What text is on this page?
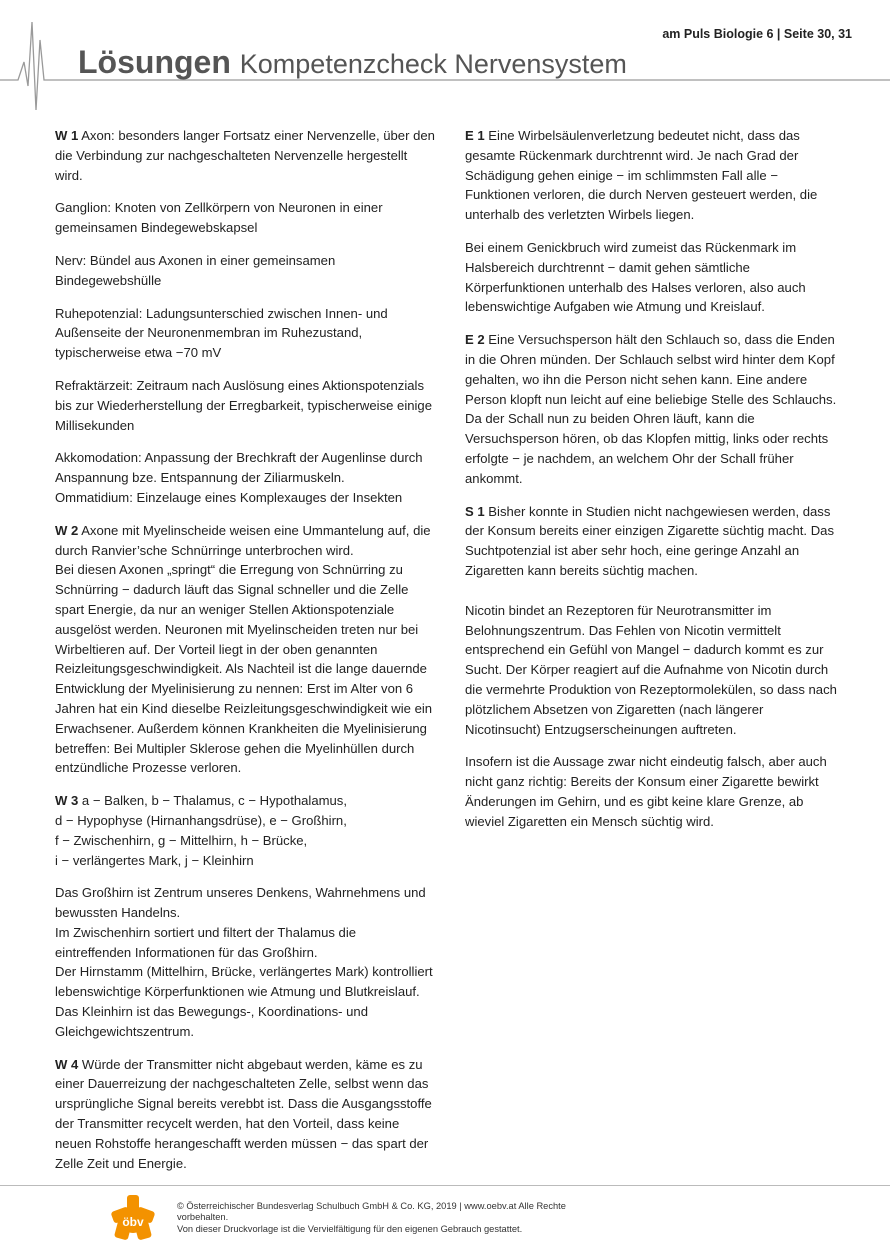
am Puls Biologie 6 | Seite 30, 31
Lösungen Kompetenzcheck Nervensystem

W 1 Axon: besonders langer Fortsatz einer Nervenzelle, über den die Verbindung zur nachgeschalteten Nervenzelle hergestellt wird.

Ganglion: Knoten von Zellkörpern von Neuronen in einer gemeinsamen Bindegewebskapsel

Nerv: Bündel aus Axonen in einer gemeinsamen Bindegewebshülle

Ruhepotenzial: Ladungsunterschied zwischen Innen- und Außenseite der Neuronenmembran im Ruhezustand, typischerweise etwa −70 mV

Refraktärzeit: Zeitraum nach Auslösung eines Aktionspotenzials bis zur Wiederherstellung der Erregbarkeit, typischerweise einige Millisekunden

Akkomodation: Anpassung der Brechkraft der Augenlinse durch Anspannung bze. Entspannung der Ziliarmuskeln.

Ommatidium: Einzelauge eines Komplexauges der Insekten

W 2 Axone mit Myelinscheide weisen eine Ummantelung auf, die durch Ranvier’sche Schnürringe unterbrochen wird.

Bei diesen Axonen „springt“ die Erregung von Schnürring zu Schnürring − dadurch läuft das Signal schneller und die Zelle spart Energie, da nur an weniger Stellen Aktionspotenziale ausgelöst werden. Neuronen mit Myelinscheiden treten nur bei Wirbeltieren auf. Der Vorteil liegt in der oben genannten Reizleitungsgeschwindigkeit. Als Nachteil ist die lange dauernde Entwicklung der Myelinisierung zu nennen: Erst im Alter von 6 Jahren hat ein Kind dieselbe Reizleitungsgeschwindigkeit wie ein Erwachsener. Außerdem können Krankheiten die Myelinisierung betreffen: Bei Multipler Sklerose gehen die Myelinhüllen durch entzündliche Prozesse verloren.

W 3 a − Balken, b − Thalamus, c − Hypothalamus,
d − Hypophyse (Hirnanhangsdrüse), e − Großhirn,
f − Zwischenhirn, g − Mittelhirn, h − Brücke,
i − verlängertes Mark, j − Kleinhirn

Das Großhirn ist Zentrum unseres Denkens, Wahrnehmens und bewussten Handelns.

Im Zwischenhirn sortiert und filtert der Thalamus die eintreffenden Informationen für das Großhirn.

Der Hirnstamm (Mittelhirn, Brücke, verlängertes Mark) kontrolliert lebenswichtige Körperfunktionen wie Atmung und Blutkreislauf.

Das Kleinhirn ist das Bewegungs-, Koordinations- und Gleichgewichtszentrum.

W 4 Würde der Transmitter nicht abgebaut werden, käme es zu einer Dauerreizung der nachgeschalteten Zelle, selbst wenn das ursprüngliche Signal bereits verebbt ist. Dass die Ausgangsstoffe der Transmitter recycelt werden, hat den Vorteil, dass keine neuen Rohstoffe herangeschafft werden müssen − das spart der Zelle Zeit und Energie.

E 1 Eine Wirbelsäulenverletzung bedeutet nicht, dass das gesamte Rückenmark durchtrennt wird. Je nach Grad der Schädigung gehen einige − im schlimmsten Fall alle − Funktionen verloren, die durch Nerven gesteuert werden, die unterhalb des verletzten Wirbels liegen.

Bei einem Genickbruch wird zumeist das Rückenmark im Halsbereich durchtrennt − damit gehen sämtliche Körperfunktionen unterhalb des Halses verloren, also auch lebenswichtige Aufgaben wie Atmung und Kreislauf.

E 2 Eine Versuchsperson hält den Schlauch so, dass die Enden in die Ohren münden. Der Schlauch selbst wird hinter dem Kopf gehalten, wo ihn die Person nicht sehen kann. Eine andere Person klopft nun leicht auf eine beliebige Stelle des Schlauchs. Da der Schall nun zu beiden Ohren läuft, kann die Versuchsperson hören, ob das Klopfen mittig, links oder rechts erfolgte − je nachdem, an welchem Ohr der Schall früher ankommt.

S 1 Bisher konnte in Studien nicht nachgewiesen werden, dass der Konsum bereits einer einzigen Zigarette süchtig macht. Das Suchtpotenzial ist aber sehr hoch, eine geringe Anzahl an Zigaretten kann bereits süchtig machen.

Nicotin bindet an Rezeptoren für Neurotransmitter im Belohnungszentrum. Das Fehlen von Nicotin vermittelt entsprechend ein Gefühl von Mangel − dadurch kommt es zur Sucht. Der Körper reagiert auf die Aufnahme von Nicotin durch die vermehrte Produktion von Rezeptormolekülen, so dass nach plötzlichem Absetzen von Zigaretten (nach längerer Nicotinsucht) Entzugserscheinungen auftreten.

Insofern ist die Aussage zwar nicht eindeutig falsch, aber auch nicht ganz richtig: Bereits der Konsum einer Zigarette bewirkt Änderungen im Gehirn, und es gibt keine klare Grenze, ab wieviel Zigaretten ein Mensch süchtig wird.

öbv
© Österreichischer Bundesverlag Schulbuch GmbH & Co. KG, 2019 | www.oebv.at Alle Rechte vorbehalten.
Von dieser Druckvorlage ist die Vervielfältigung für den eigenen Gebrauch gestattet.
